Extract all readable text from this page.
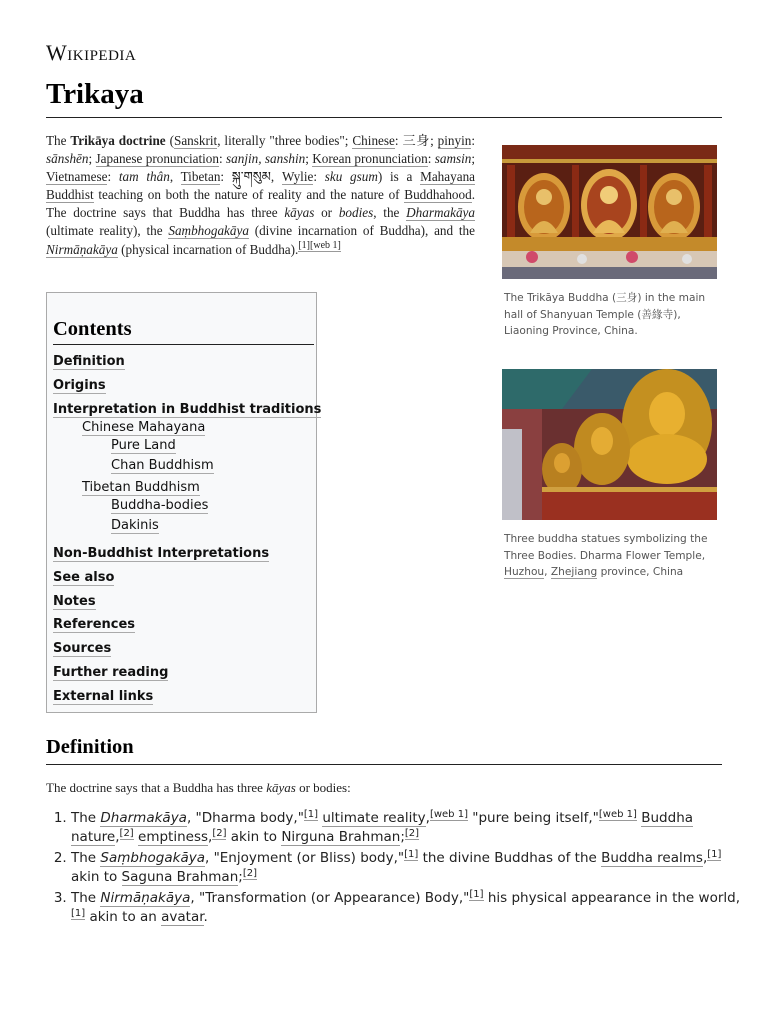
Wikipedia
Trikaya

The Trikāya doctrine (Sanskrit, literally "three bodies"; Chinese: 三身; pinyin: sānshēn; Japanese pronunciation: sanjin, sanshin; Korean pronunciation: samsin; Vietnamese: tam thân, Tibetan: སྐུ་གསུམ, Wylie: sku gsum) is a Mahayana Buddhist teaching on both the nature of reality and the nature of Buddhahood. The doctrine says that Buddha has three kāyas or bodies, the Dharmakāya (ultimate reality), the Saṃbhogakāya (divine incarnation of Buddha), and the Nirmāṇakāya (physical incarnation of Buddha).[1][web 1]

The Trikāya Buddha (三身) in the main hall of Shanyuan Temple (善緣寺), Liaoning Province, China.
Three buddha statues symbolizing the Three Bodies. Dharma Flower Temple, Huzhou, Zhejiang province, China
Contents
Definition
Origins
Interpretation in Buddhist traditions
Chinese Mahayana
Pure Land
Chan Buddhism
Tibetan Buddhism
Buddha-bodies
Dakinis
Non-Buddhist Interpretations
See also
Notes
References
Sources
Further reading
External links
Definition

The doctrine says that a Buddha has three kāyas or bodies:

1. The Dharmakāya, "Dharma body,"[1] ultimate reality,[web 1] "pure being itself,"[web 1] Buddha nature,[2] emptiness,[2] akin to Nirguna Brahman;[2]
2. The Saṃbhogakāya, "Enjoyment (or Bliss) body,"[1] the divine Buddhas of the Buddha realms,[1] akin to Saguna Brahman;[2]
3. The Nirmāṇakāya, "Transformation (or Appearance) Body,"[1] his physical appearance in the world,[1] akin to an avatar.
